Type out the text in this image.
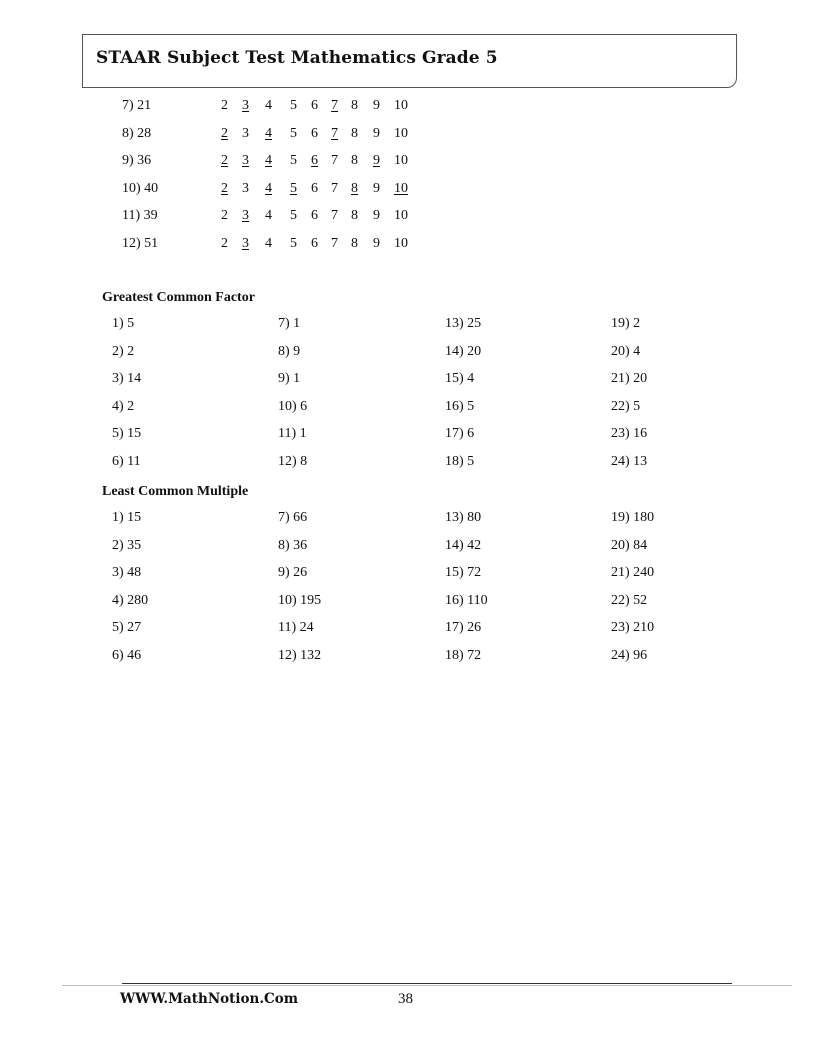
STAAR Subject Test Mathematics Grade 5
7) 21	2 3 4 5 6 7 8 9 10
8) 28	2 3 4 5 6 7 8 9 10
9) 36	2 3 4 5 6 7 8 9 10
10) 40	2 3 4 5 6 7 8 9 10
11) 39	2 3 4 5 6 7 8 9 10
12) 51	2 3 4 5 6 7 8 9 10
Greatest Common Factor
1) 5
2) 2
3) 14
4) 2
5) 15
6) 11
7) 1
8) 9
9) 1
10) 6
11) 1
12) 8
13) 25
14) 20
15) 4
16) 5
17) 6
18) 5
19) 2
20) 4
21) 20
22) 5
23) 16
24) 13
Least Common Multiple
1) 15
2) 35
3) 48
4) 280
5) 27
6) 46
7) 66
8) 36
9) 26
10) 195
11) 24
12) 132
13) 80
14) 42
15) 72
16) 110
17) 26
18) 72
19) 180
20) 84
21) 240
22) 52
23) 210
24) 96
WWW.MathNotion.Com	38
